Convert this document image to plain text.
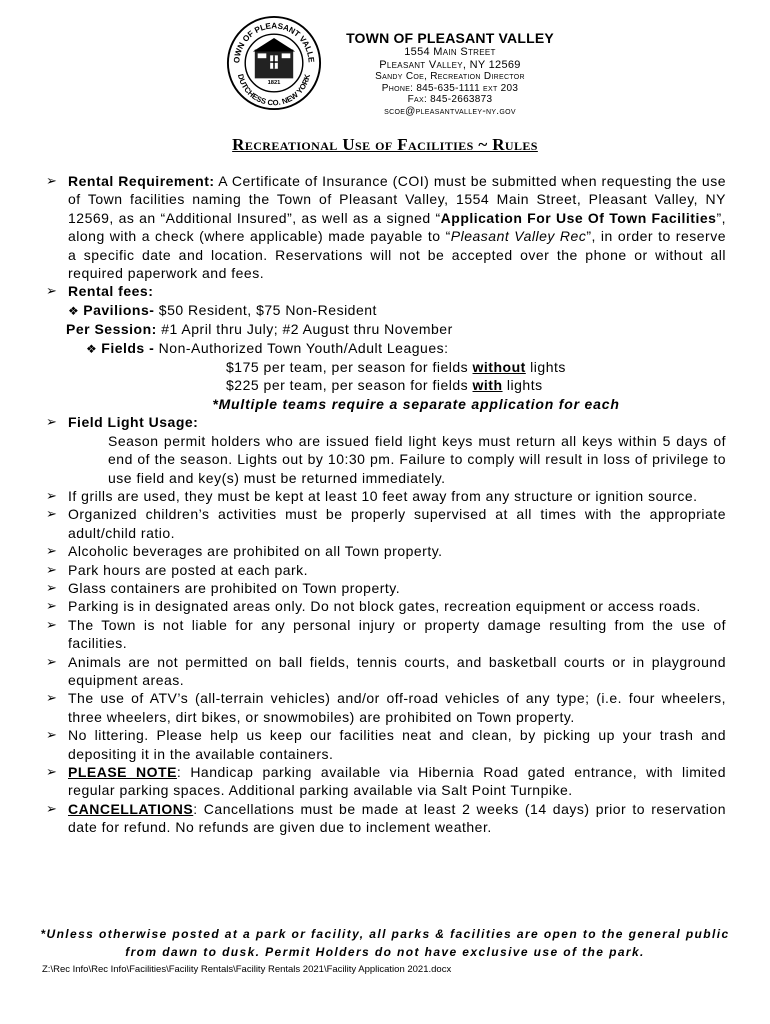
OWN OF PLEASANT VALLE
DUTCHESS CO. NEW YORK
1821
TOWN OF PLEASANT VALLEY
1554 Main Street
Pleasant Valley, NY 12569
Sandy Coe, Recreation Director
Phone: 845-635-1111 ext 203
Fax: 845-2663873
scoe@pleasantvalley-ny.gov
Recreational Use of Facilities ~ Rules
➢ Rental Requirement: A Certificate of Insurance (COI) must be submitted when requesting the use of Town facilities naming the Town of Pleasant Valley, 1554 Main Street, Pleasant Valley, NY 12569, as an “Additional Insured”, as well as a signed “Application For Use Of Town Facilities”, along with a check (where applicable) made payable to “Pleasant Valley Rec”, in order to reserve a specific date and location. Reservations will not be accepted over the phone or without all required paperwork and fees.
➢ Rental fees:
❖ Pavilions- $50 Resident, $75 Non-Resident
Per Session: #1 April thru July; #2 August thru November
❖ Fields - Non-Authorized Town Youth/Adult Leagues:
$175 per team, per season for fields without lights
$225 per team, per season for fields with lights
*Multiple teams require a separate application for each
➢ Field Light Usage:
Season permit holders who are issued field light keys must return all keys within 5 days of end of the season. Lights out by 10:30 pm. Failure to comply will result in loss of privilege to use field and key(s) must be returned immediately.
➢ If grills are used, they must be kept at least 10 feet away from any structure or ignition source.
➢ Organized children’s activities must be properly supervised at all times with the appropriate adult/child ratio.
➢ Alcoholic beverages are prohibited on all Town property.
➢ Park hours are posted at each park.
➢ Glass containers are prohibited on Town property.
➢ Parking is in designated areas only. Do not block gates, recreation equipment or access roads.
➢ The Town is not liable for any personal injury or property damage resulting from the use of facilities.
➢ Animals are not permitted on ball fields, tennis courts, and basketball courts or in playground equipment areas.
➢ The use of ATV’s (all-terrain vehicles) and/or off-road vehicles of any type; (i.e. four wheelers, three wheelers, dirt bikes, or snowmobiles) are prohibited on Town property.
➢ No littering. Please help us keep our facilities neat and clean, by picking up your trash and depositing it in the available containers.
➢ PLEASE NOTE: Handicap parking available via Hibernia Road gated entrance, with limited regular parking spaces. Additional parking available via Salt Point Turnpike.
➢ CANCELLATIONS: Cancellations must be made at least 2 weeks (14 days) prior to reservation date for refund. No refunds are given due to inclement weather.
*Unless otherwise posted at a park or facility, all parks & facilities are open to the general public from dawn to dusk. Permit Holders do not have exclusive use of the park.
Z:\Rec Info\Rec Info\Facilities\Facility Rentals\Facility Rentals 2021\Facility Application 2021.docx
